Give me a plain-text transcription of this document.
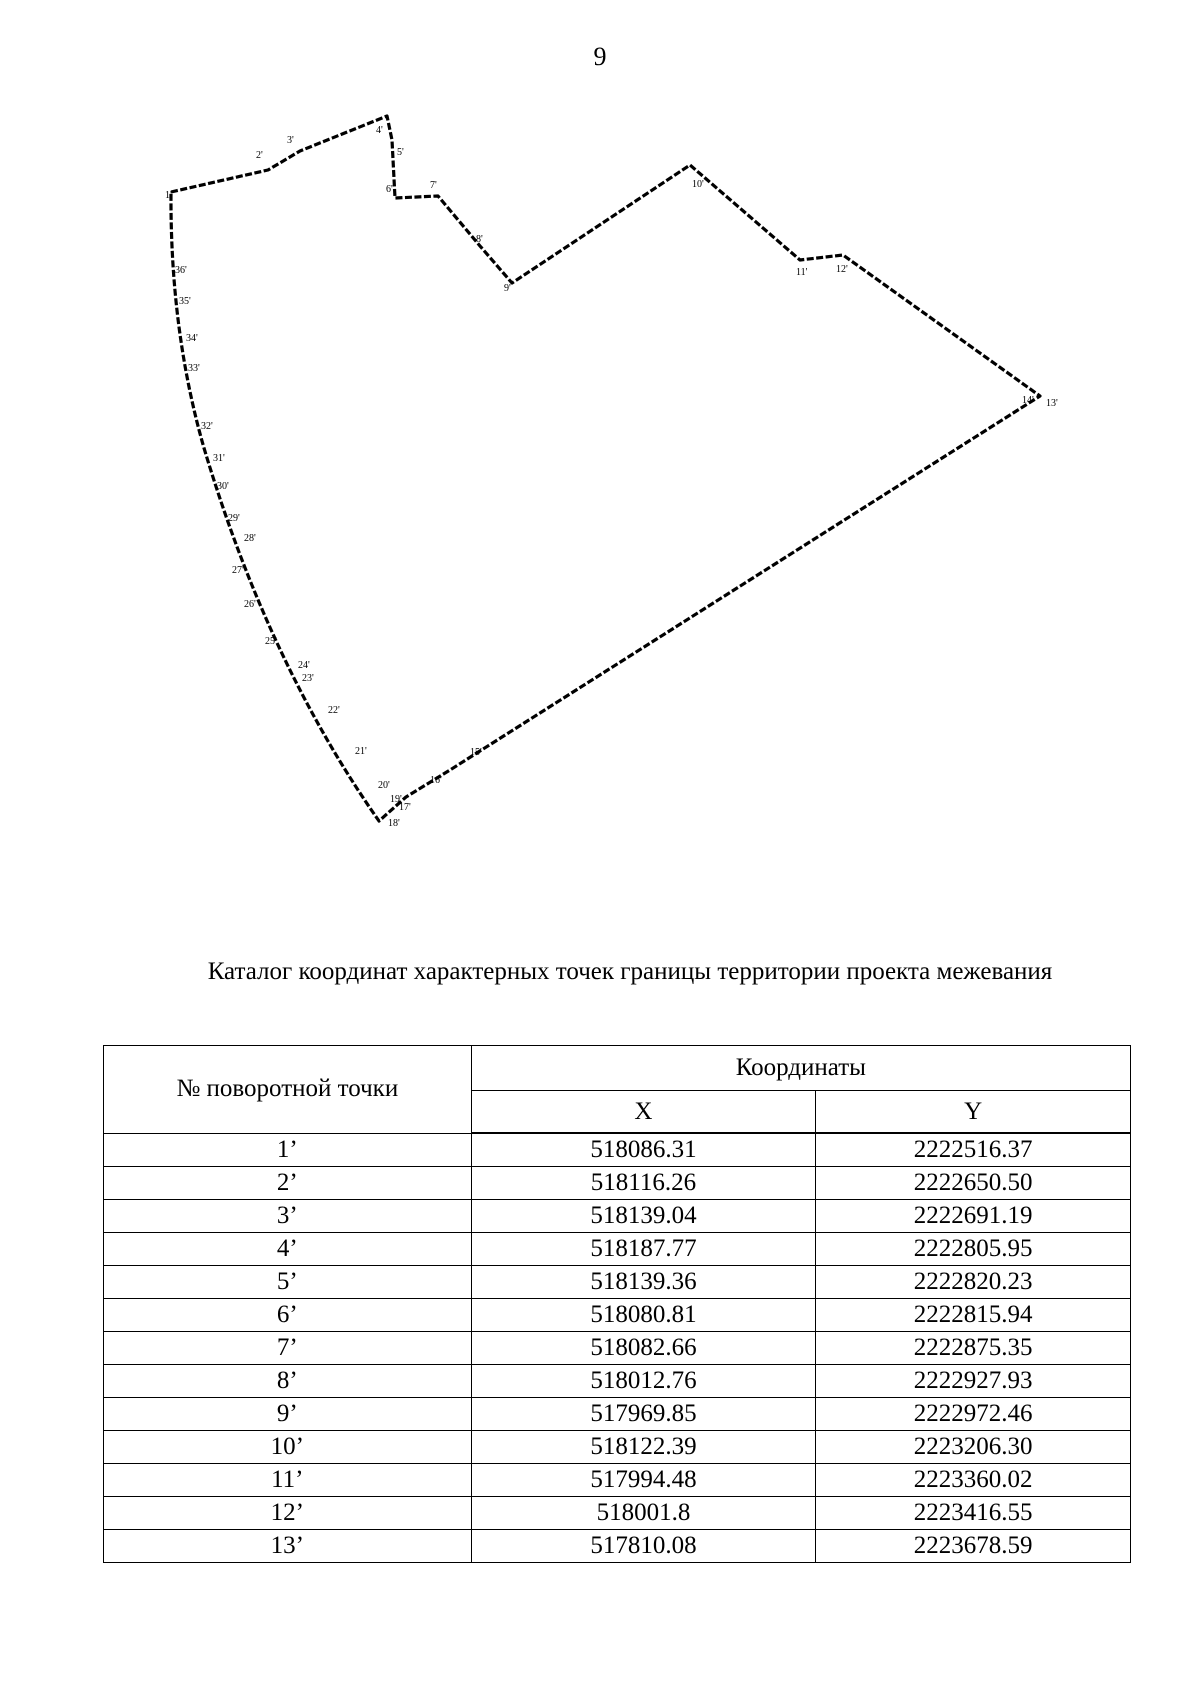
9
1'
2'
3'
4'
5'
6'	7'
8'
9'
10'
11'	12'
13'
14'
15'
16'
17'
18'
19'
20'
21'
22'
23'
24'
25'
26'
27'
28'
29'
30'
31'
32'
33'
34'
35'
36'
Каталог координат характерных точек границы территории проекта межевания
№ поворотной точки	Координаты	
	X	Y
1’	518086.31	2222516.37
2’	518116.26	2222650.50
3’	518139.04	2222691.19
4’	518187.77	2222805.95
5’	518139.36	2222820.23
6’	518080.81	2222815.94
7’	518082.66	2222875.35
8’	518012.76	2222927.93
9’	517969.85	2222972.46
10’	518122.39	2223206.30
11’	517994.48	2223360.02
12’	518001.8	2223416.55
13’	517810.08	2223678.59
